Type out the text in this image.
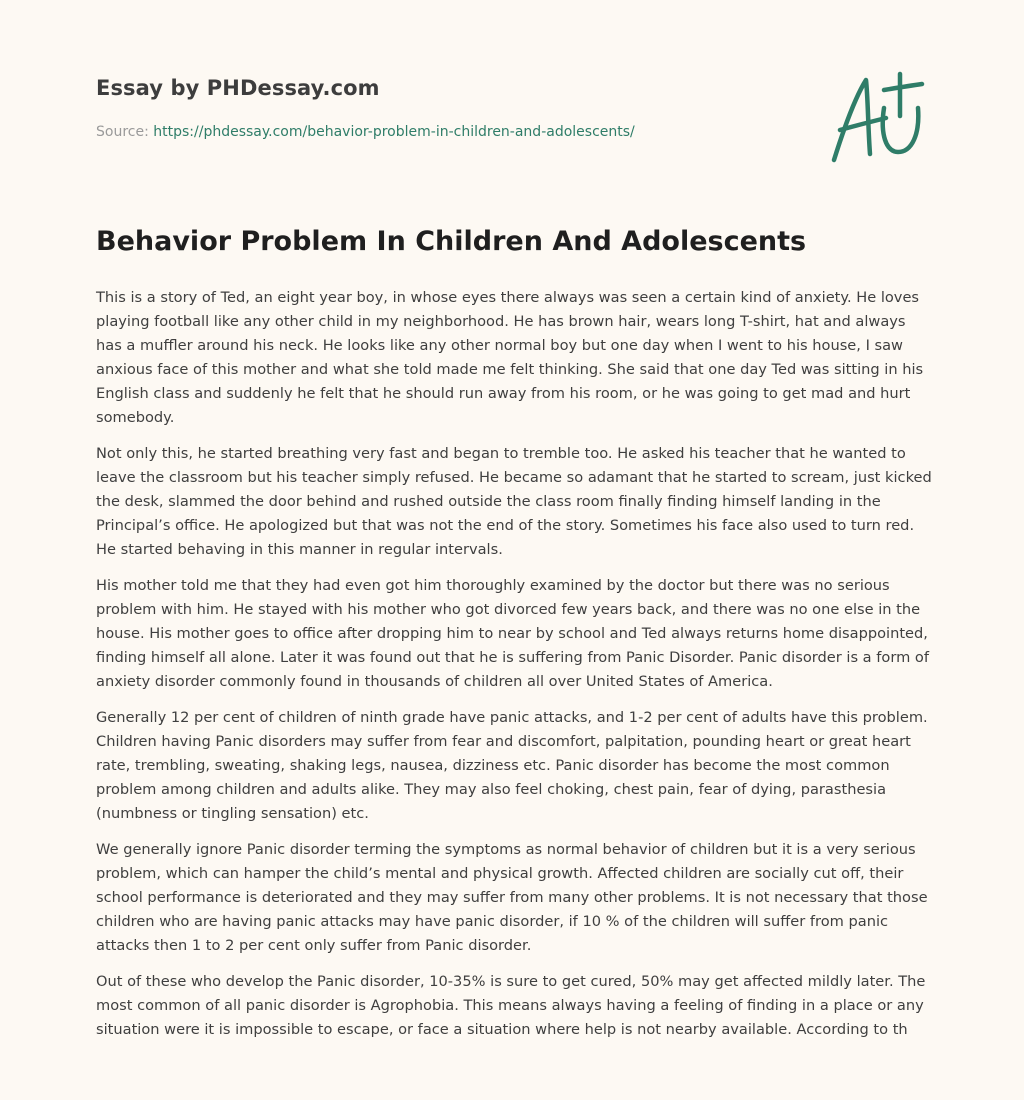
Essay by PHDessay.com
Source: https://phdessay.com/behavior-problem-in-children-and-adolescents/
Behavior Problem In Children And Adolescents

This is a story of Ted, an eight year boy, in whose eyes there always was seen a certain kind of anxiety. He loves playing football like any other child in my neighborhood. He has brown hair, wears long T-shirt, hat and always has a muffler around his neck. He looks like any other normal boy but one day when I went to his house, I saw anxious face of this mother and what she told made me felt thinking. She said that one day Ted was sitting in his English class and suddenly he felt that he should run away from his room, or he was going to get mad and hurt somebody.

Not only this, he started breathing very fast and began to tremble too. He asked his teacher that he wanted to leave the classroom but his teacher simply refused. He became so adamant that he started to scream, just kicked the desk, slammed the door behind and rushed outside the class room finally finding himself landing in the Principal’s office. He apologized but that was not the end of the story. Sometimes his face also used to turn red. He started behaving in this manner in regular intervals.

His mother told me that they had even got him thoroughly examined by the doctor but there was no serious problem with him. He stayed with his mother who got divorced few years back, and there was no one else in the house. His mother goes to office after dropping him to near by school and Ted always returns home disappointed, finding himself all alone. Later it was found out that he is suffering from Panic Disorder. Panic disorder is a form of anxiety disorder commonly found in thousands of children all over United States of America.

Generally 12 per cent of children of ninth grade have panic attacks, and 1-2 per cent of adults have this problem. Children having Panic disorders may suffer from fear and discomfort, palpitation, pounding heart or great heart rate, trembling, sweating, shaking legs, nausea, dizziness etc. Panic disorder has become the most common problem among children and adults alike. They may also feel choking, chest pain, fear of dying, parasthesia (numbness or tingling sensation) etc.

We generally ignore Panic disorder terming the symptoms as normal behavior of children but it is a very serious problem, which can hamper the child’s mental and physical growth. Affected children are socially cut off, their school performance is deteriorated and they may suffer from many other problems. It is not necessary that those children who are having panic attacks may have panic disorder, if 10 % of the children will suffer from panic attacks then 1 to 2 per cent only suffer from Panic disorder.

Out of these who develop the Panic disorder, 10-35% is sure to get cured, 50% may get affected mildly later. The most common of all panic disorder is Agrophobia. This means always having a feeling of finding in a place or any situation were it is impossible to escape, or face a situation where help is not nearby available. According to th
